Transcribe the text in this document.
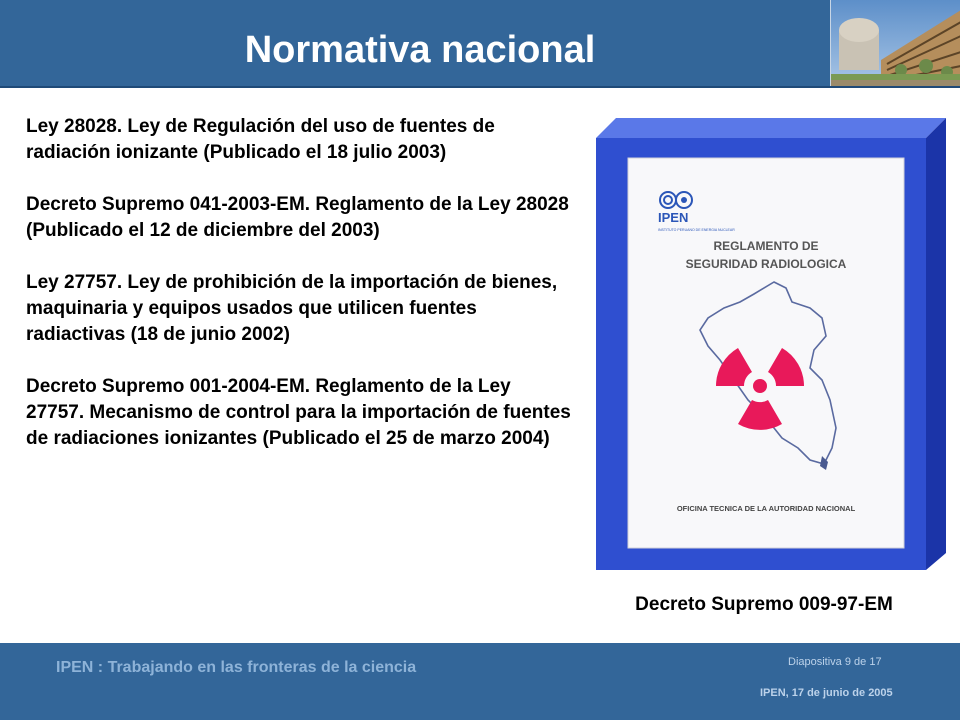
Normativa nacional

Ley 28028. Ley de Regulación del uso de fuentes de radiación ionizante (Publicado el 18 julio 2003)

Decreto Supremo 041-2003-EM. Reglamento de la Ley 28028 (Publicado el 12 de diciembre del 2003)

Ley 27757. Ley de prohibición de la importación de bienes, maquinaria y equipos usados que utilicen fuentes radiactivas (18 de junio 2002)

Decreto Supremo 001-2004-EM. Reglamento de la Ley 27757. Mecanismo de control para la importación de fuentes de radiaciones ionizantes (Publicado el 25 de marzo 2004)

IPEN
INSTITUTO PERUANO DE ENERGIA NUCLEAR
REGLAMENTO DE
SEGURIDAD RADIOLOGICA
OFICINA TECNICA DE LA AUTORIDAD NACIONAL
Decreto Supremo 009-97-EM
IPEN : Trabajando en las fronteras de la ciencia	Diapositiva 9 de 17
IPEN, 17 de junio de 2005
